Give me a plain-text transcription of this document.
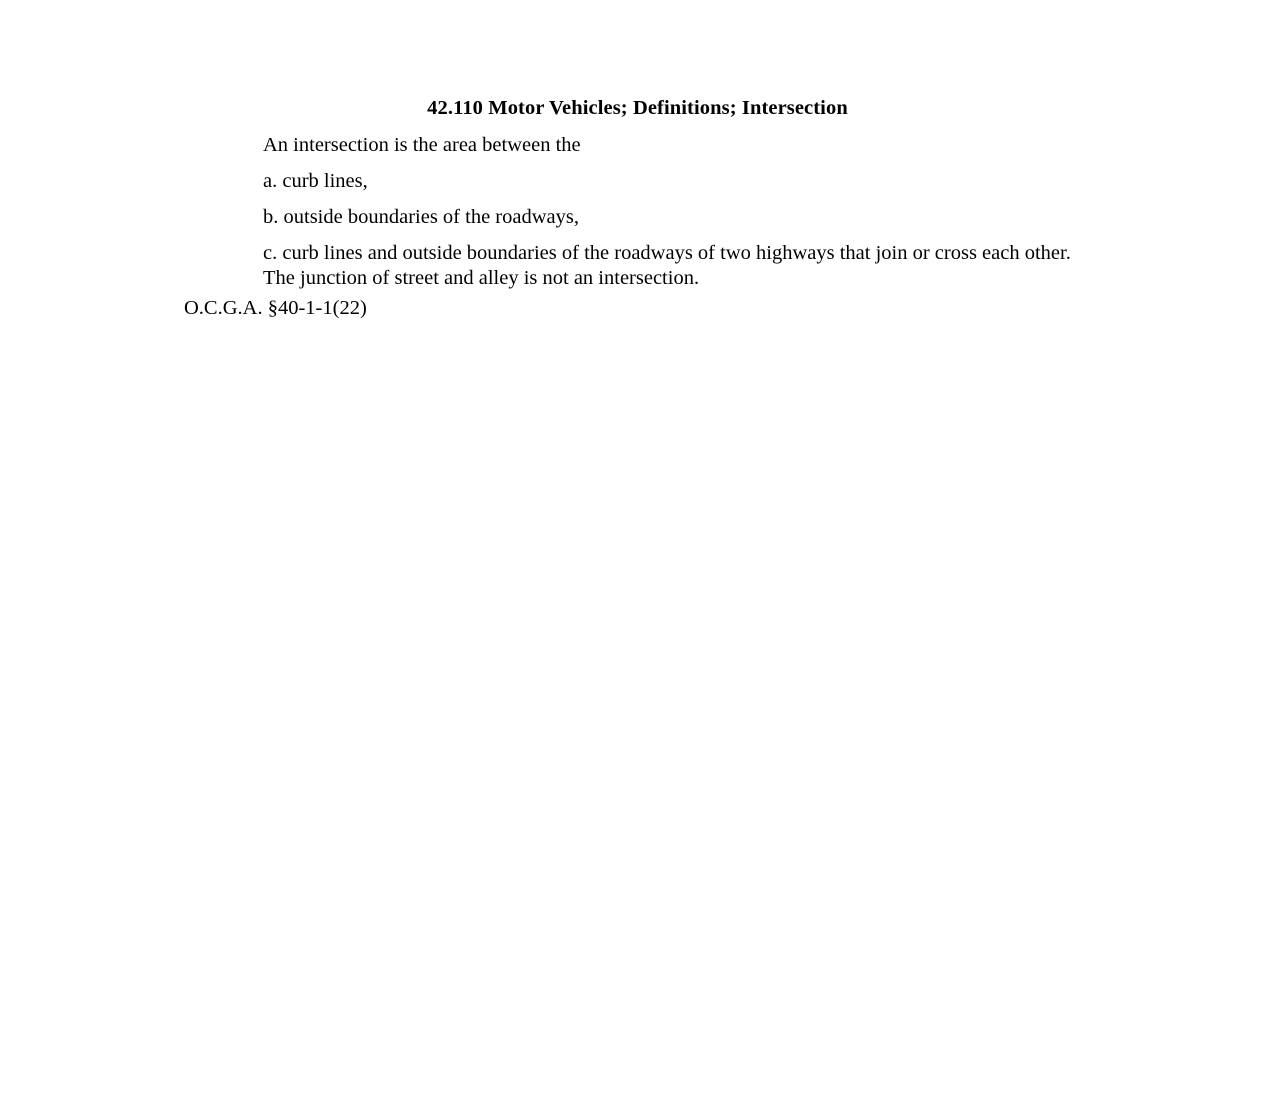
42.110 Motor Vehicles; Definitions; Intersection
An intersection is the area between the
a. curb lines,
b. outside boundaries of the roadways,
c. curb lines and outside boundaries of the roadways of two highways that join or cross each other. The junction of street and alley is not an intersection.
O.C.G.A. §40-1-1(22)
